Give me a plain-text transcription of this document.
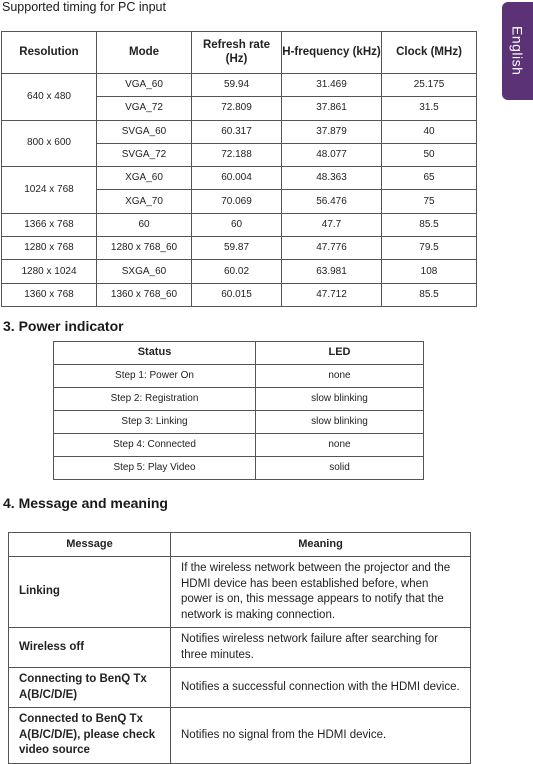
Supported timing for PC input
English
Resolution	Mode	Refresh rate (Hz)	H-frequency (kHz)	Clock (MHz)
640 x 480	VGA_60	59.94	31.469	25.175
	VGA_72	72.809	37.861	31.5
800 x 600	SVGA_60	60.317	37.879	40
	SVGA_72	72.188	48.077	50
1024 x 768	XGA_60	60.004	48.363	65
	XGA_70	70.069	56.476	75
1366 x 768	60	60	47.7	85.5
1280 x 768	1280 x 768_60	59.87	47.776	79.5
1280 x 1024	SXGA_60	60.02	63.981	108
1360 x 768	1360 x 768_60	60.015	47.712	85.5
3. Power indicator
Status	LED
Step 1: Power On	none
Step 2: Registration	slow blinking
Step 3: Linking	slow blinking
Step 4: Connected	none
Step 5: Play Video	solid
4. Message and meaning
Message	Meaning
Linking	If the wireless network between the projector and the HDMI device has been established before, when power is on, this message appears to notify that the network is making connection.
Wireless off	Notifies wireless network failure after searching for three minutes.
Connecting to BenQ Tx A(B/C/D/E)	Notifies a successful connection with the HDMI device.
Connected to BenQ Tx A(B/C/D/E), please check video source	Notifies no signal from the HDMI device.
